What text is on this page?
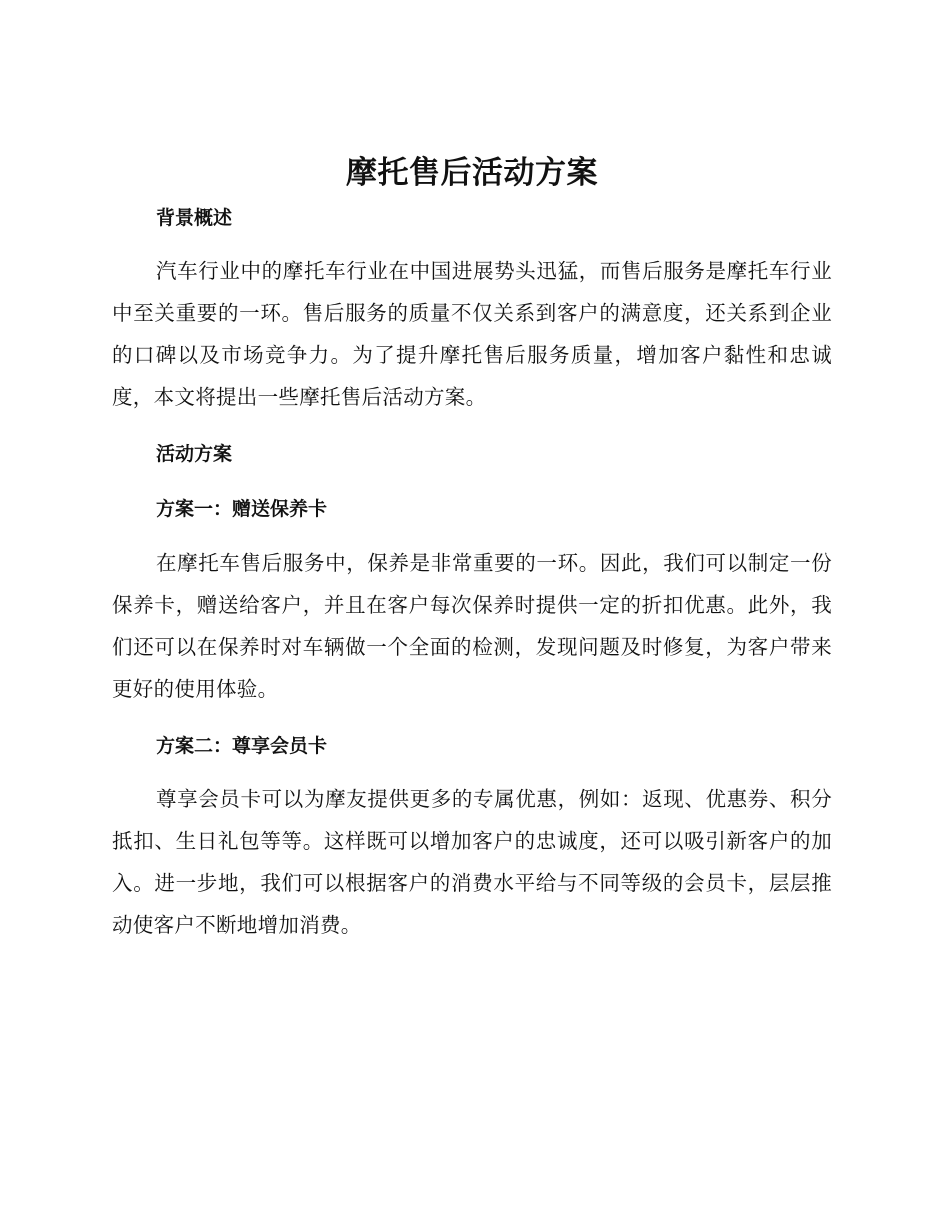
摩托售后活动方案
背景概述

汽车行业中的摩托车行业在中国进展势头迅猛，而售后服务是摩托车行业中至关重要的一环。售后服务的质量不仅关系到客户的满意度，还关系到企业的口碑以及市场竞争力。为了提升摩托售后服务质量，增加客户黏性和忠诚度，本文将提出一些摩托售后活动方案。

活动方案
方案一：赠送保养卡

在摩托车售后服务中，保养是非常重要的一环。因此，我们可以制定一份保养卡，赠送给客户，并且在客户每次保养时提供一定的折扣优惠。此外，我们还可以在保养时对车辆做一个全面的检测，发现问题及时修复，为客户带来更好的使用体验。

方案二：尊享会员卡

尊享会员卡可以为摩友提供更多的专属优惠，例如：返现、优惠券、积分抵扣、生日礼包等等。这样既可以增加客户的忠诚度，还可以吸引新客户的加入。进一步地，我们可以根据客户的消费水平给与不同等级的会员卡，层层推动使客户不断地增加消费。
